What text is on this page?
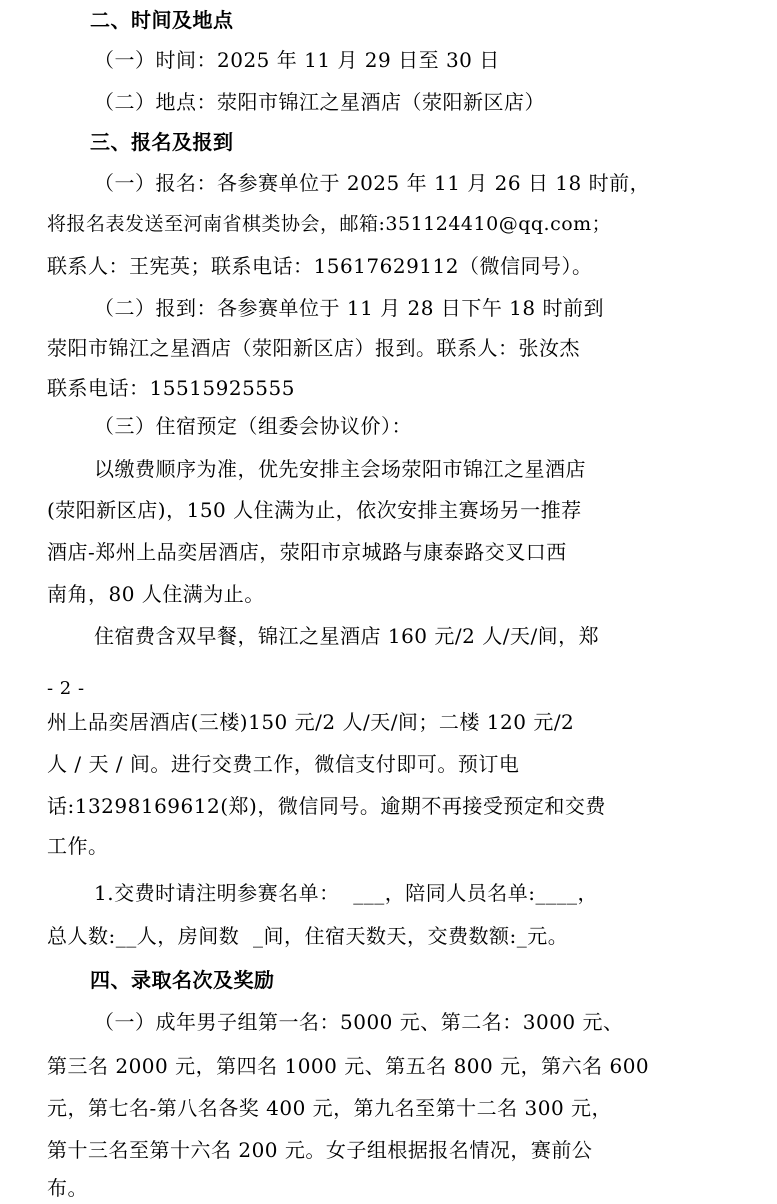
二、时间及地点
（一）时间：2025 年 11 月 29 日至 30 日
（二）地点：荥阳市锦江之星酒店（荥阳新区店）
三、报名及报到
（一）报名：各参赛单位于 2025 年 11 月 26 日 18 时前，
将报名表发送至河南省棋类协会，邮箱:351124410@qq.com；
联系人：王宪英；联系电话：15617629112（微信同号）。
（二）报到：各参赛单位于 11 月 28 日下午 18 时前到
荥阳市锦江之星酒店（荥阳新区店）报到。联系人：张汝杰
联系电话：15515925555
（三）住宿预定（组委会协议价）：
以缴费顺序为准，优先安排主会场荥阳市锦江之星酒店
(荥阳新区店)，150 人住满为止，依次安排主赛场另一推荐
酒店-郑州上品奕居酒店，荥阳市京城路与康泰路交叉口西
南角，80 人住满为止。
住宿费含双早餐，锦江之星酒店 160 元/2 人/天/间，郑
- 2 -
州上品奕居酒店(三楼)150 元/2 人/天/间；二楼 120 元/2
人 / 天 / 间。进行交费工作，微信支付即可。预订电
话:13298169612(郑)，微信同号。逾期不再接受预定和交费
工作。
1.交费时请注明参赛名单：  ___，陪同人员名单:____，
总人数:__人，房间数  _间，住宿天数天，交费数额:_元。
四、录取名次及奖励
（一）成年男子组第一名：5000 元、第二名：3000 元、
第三名 2000 元，第四名 1000 元、第五名 800 元，第六名 600
元，第七名-第八名各奖 400 元，第九名至第十二名 300 元，
第十三名至第十六名 200 元。女子组根据报名情况，赛前公
布。
